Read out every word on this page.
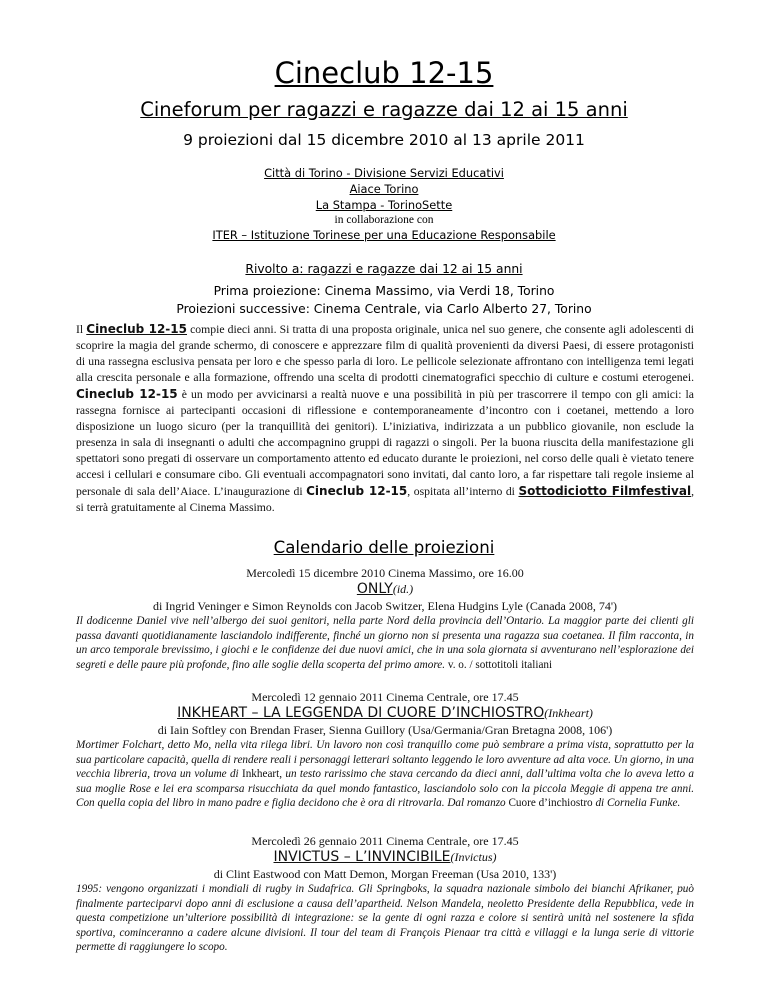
Cineclub 12-15
Cineforum per ragazzi e ragazze dai 12 ai 15 anni
9 proiezioni dal 15 dicembre 2010 al 13 aprile 2011
Città di Torino - Divisione Servizi Educativi
Aiace Torino
La Stampa - TorinoSette
in collaborazione con
ITER – Istituzione Torinese per una Educazione Responsabile
Rivolto a: ragazzi e ragazze dai 12 ai 15 anni
Prima proiezione: Cinema Massimo, via Verdi 18, Torino
Proiezioni successive: Cinema Centrale, via Carlo Alberto 27, Torino
Il Cineclub 12-15 compie dieci anni. Si tratta di una proposta originale, unica nel suo genere, che consente agli adolescenti di scoprire la magia del grande schermo, di conoscere e apprezzare film di qualità provenienti da diversi Paesi, di essere protagonisti di una rassegna esclusiva pensata per loro e che spesso parla di loro. Le pellicole selezionate affrontano con intelligenza temi legati alla crescita personale e alla formazione, offrendo una scelta di prodotti cinematografici specchio di culture e costumi eterogenei. Cineclub 12-15 è un modo per avvicinarsi a realtà nuove e una possibilità in più per trascorrere il tempo con gli amici: la rassegna fornisce ai partecipanti occasioni di riflessione e contemporaneamente d’incontro con i coetanei, mettendo a loro disposizione un luogo sicuro (per la tranquillità dei genitori). L’iniziativa, indirizzata a un pubblico giovanile, non esclude la presenza in sala di insegnanti o adulti che accompagnino gruppi di ragazzi o singoli. Per la buona riuscita della manifestazione gli spettatori sono pregati di osservare un comportamento attento ed educato durante le proiezioni, nel corso delle quali è vietato tenere accesi i cellulari e consumare cibo. Gli eventuali accompagnatori sono invitati, dal canto loro, a far rispettare tali regole insieme al personale di sala dell’Aiace. L’inaugurazione di Cineclub 12-15, ospitata all’interno di Sottodiciotto Filmfestival, si terrà gratuitamente al Cinema Massimo.
Calendario delle proiezioni
Mercoledì 15 dicembre 2010 Cinema Massimo, ore 16.00
ONLY(id.)
di Ingrid Veninger e Simon Reynolds con Jacob Switzer, Elena Hudgins Lyle (Canada 2008, 74')
Il dodicenne Daniel vive nell’albergo dei suoi genitori, nella parte Nord della provincia dell’Ontario. La maggior parte dei clienti gli passa davanti quotidianamente lasciandolo indifferente, finché un giorno non si presenta una ragazza sua coetanea. Il film racconta, in un arco temporale brevissimo, i giochi e le confidenze dei due nuovi amici, che in una sola giornata si avventurano nell’esplorazione dei segreti e delle paure più profonde, fino alle soglie della scoperta del primo amore. v. o. / sottotitoli italiani
Mercoledì 12 gennaio 2011 Cinema Centrale, ore 17.45
INKHEART – LA LEGGENDA DI CUORE D’INCHIOSTRO(Inkheart)
di Iain Softley con Brendan Fraser, Sienna Guillory (Usa/Germania/Gran Bretagna 2008, 106')
Mortimer Folchart, detto Mo, nella vita rilega libri. Un lavoro non così tranquillo come può sembrare a prima vista, soprattutto per la sua particolare capacità, quella di rendere reali i personaggi letterari soltanto leggendo le loro avventure ad alta voce. Un giorno, in una vecchia libreria, trova un volume di Inkheart, un testo rarissimo che stava cercando da dieci anni, dall’ultima volta che lo aveva letto a sua moglie Rose e lei era scomparsa risucchiata da quel mondo fantastico, lasciandolo solo con la piccola Meggie di appena tre anni. Con quella copia del libro in mano padre e figlia decidono che è ora di ritrovarla. Dal romanzo Cuore d’inchiostro di Cornelia Funke.
Mercoledì 26 gennaio 2011 Cinema Centrale, ore 17.45
INVICTUS – L’INVINCIBILE(Invictus)
di Clint Eastwood con Matt Demon, Morgan Freeman (Usa 2010, 133')
1995: vengono organizzati i mondiali di rugby in Sudafrica. Gli Springboks, la squadra nazionale simbolo dei bianchi Afrikaner, può finalmente parteciparvi dopo anni di esclusione a causa dell’apartheid. Nelson Mandela, neoletto Presidente della Repubblica, vede in questa competizione un’ulteriore possibilità di integrazione: se la gente di ogni razza e colore si sentirà unità nel sostenere la sfida sportiva, cominceranno a cadere alcune divisioni. Il tour del team di François Pienaar tra città e villaggi e la lunga serie di vittorie permette di raggiungere lo scopo.
